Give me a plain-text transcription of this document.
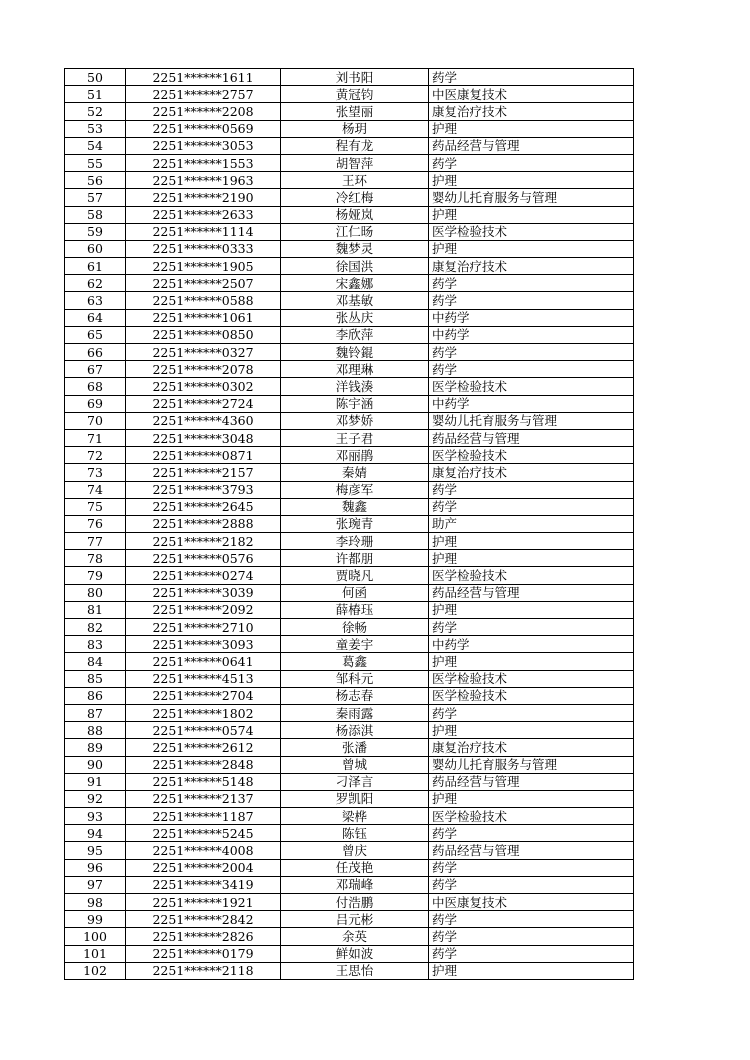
50	2251******1611	刘书阳	药学
51	2251******2757	黄冠钧	中医康复技术
52	2251******2208	张望丽	康复治疗技术
53	2251******0569	杨玥	护理
54	2251******3053	程有龙	药品经营与管理
55	2251******1553	胡智萍	药学
56	2251******1963	王环	护理
57	2251******2190	冷红梅	婴幼儿托育服务与管理
58	2251******2633	杨娅岚	护理
59	2251******1114	江仁旸	医学检验技术
60	2251******0333	魏梦灵	护理
61	2251******1905	徐国洪	康复治疗技术
62	2251******2507	宋鑫娜	药学
63	2251******0588	邓基敏	药学
64	2251******1061	张丛庆	中药学
65	2251******0850	李欣萍	中药学
66	2251******0327	魏铃錕	药学
67	2251******2078	邓理琳	药学
68	2251******0302	洋钱湊	医学检验技术
69	2251******2724	陈宇涵	中药学
70	2251******4360	邓梦娇	婴幼儿托育服务与管理
71	2251******3048	王子君	药品经营与管理
72	2251******0871	邓丽鹃	医学检验技术
73	2251******2157	秦婧	康复治疗技术
74	2251******3793	梅彦军	药学
75	2251******2645	魏鑫	药学
76	2251******2888	张琬青	助产
77	2251******2182	李玲珊	护理
78	2251******0576	许都朋	护理
79	2251******0274	贾晓凡	医学检验技术
80	2251******3039	何函	药品经营与管理
81	2251******2092	薛椿珏	护理
82	2251******2710	徐畅	药学
83	2251******3093	童姜宇	中药学
84	2251******0641	葛鑫	护理
85	2251******4513	邹科元	医学检验技术
86	2251******2704	杨志春	医学检验技术
87	2251******1802	秦雨露	药学
88	2251******0574	杨添淇	护理
89	2251******2612	张潘	康复治疗技术
90	2251******2848	曾城	婴幼儿托育服务与管理
91	2251******5148	刁泽言	药品经营与管理
92	2251******2137	罗凯阳	护理
93	2251******1187	梁桦	医学检验技术
94	2251******5245	陈钰	药学
95	2251******4008	曾庆	药品经营与管理
96	2251******2004	任茂艳	药学
97	2251******3419	邓瑞峰	药学
98	2251******1921	付浩鹏	中医康复技术
99	2251******2842	吕元彬	药学
100	2251******2826	余英	药学
101	2251******0179	鲜如波	药学
102	2251******2118	王思怡	护理
